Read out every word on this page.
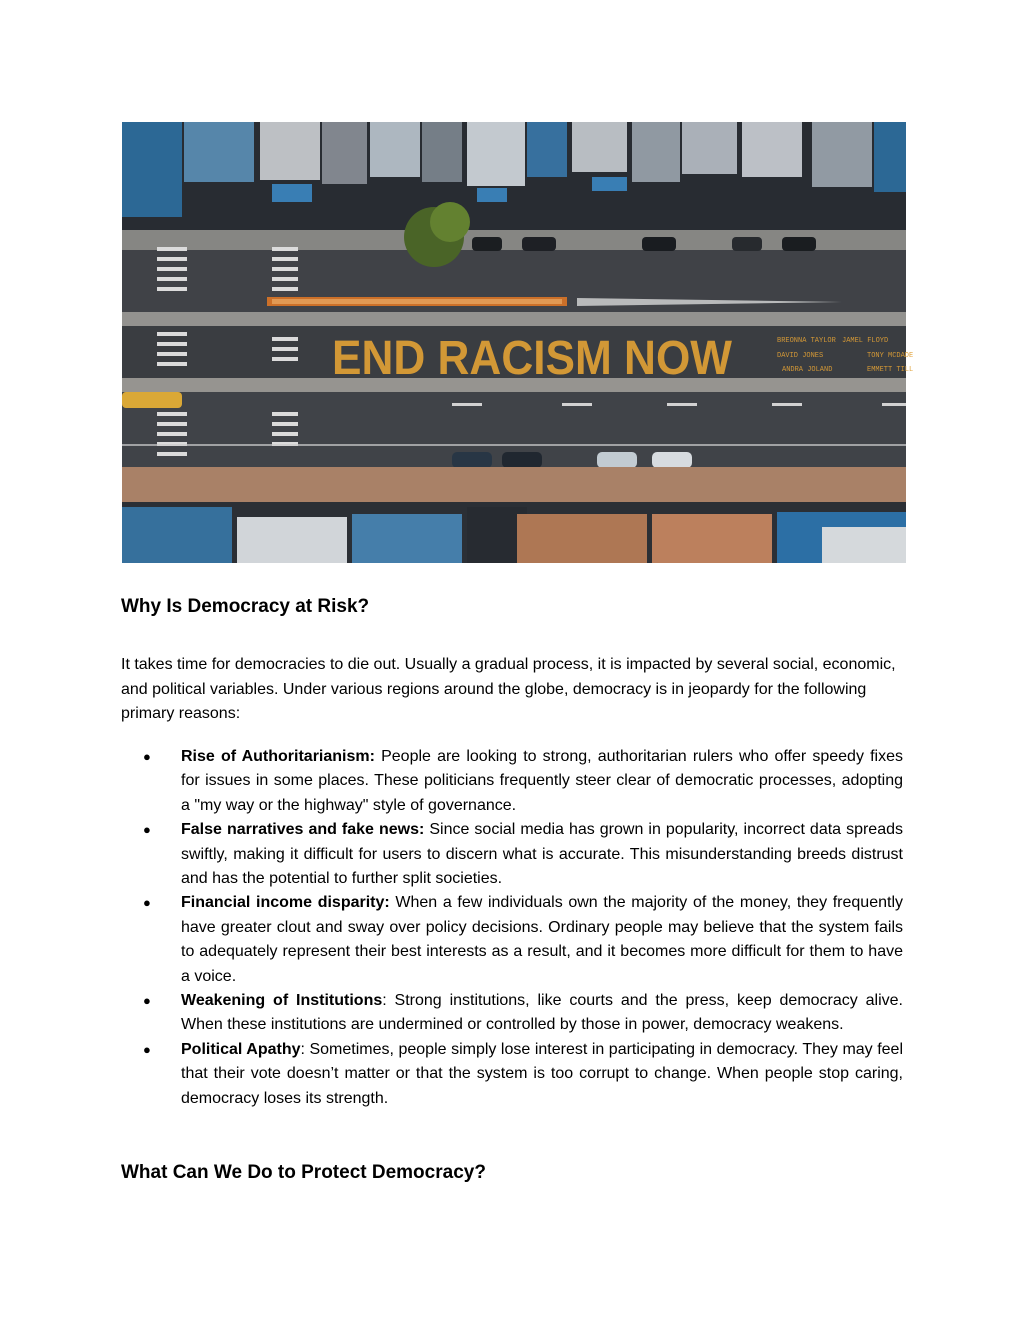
END RACISM NOW	BREONNA TAYLOR JAMEL FLOYD
DAVID JONES	TONY MCDADE
ANDRA JOLAND	EMMETT TILL
Why Is Democracy at Risk?

It takes time for democracies to die out. Usually a gradual process, it is impacted by several social, economic, and political variables. Under various regions around the globe, democracy is in jeopardy for the following primary reasons:

● Rise of Authoritarianism: People are looking to strong, authoritarian rulers who offer speedy fixes for issues in some places. These politicians frequently steer clear of democratic processes, adopting a "my way or the highway" style of governance.
● False narratives and fake news: Since social media has grown in popularity, incorrect data spreads swiftly, making it difficult for users to discern what is accurate. This misunderstanding breeds distrust and has the potential to further split societies.
● Financial income disparity: When a few individuals own the majority of the money, they frequently have greater clout and sway over policy decisions. Ordinary people may believe that the system fails to adequately represent their best interests as a result, and it becomes more difficult for them to have a voice.
● Weakening of Institutions: Strong institutions, like courts and the press, keep democracy alive. When these institutions are undermined or controlled by those in power, democracy weakens.
● Political Apathy: Sometimes, people simply lose interest in participating in democracy. They may feel that their vote doesn’t matter or that the system is too corrupt to change. When people stop caring, democracy loses its strength.
What Can We Do to Protect Democracy?
